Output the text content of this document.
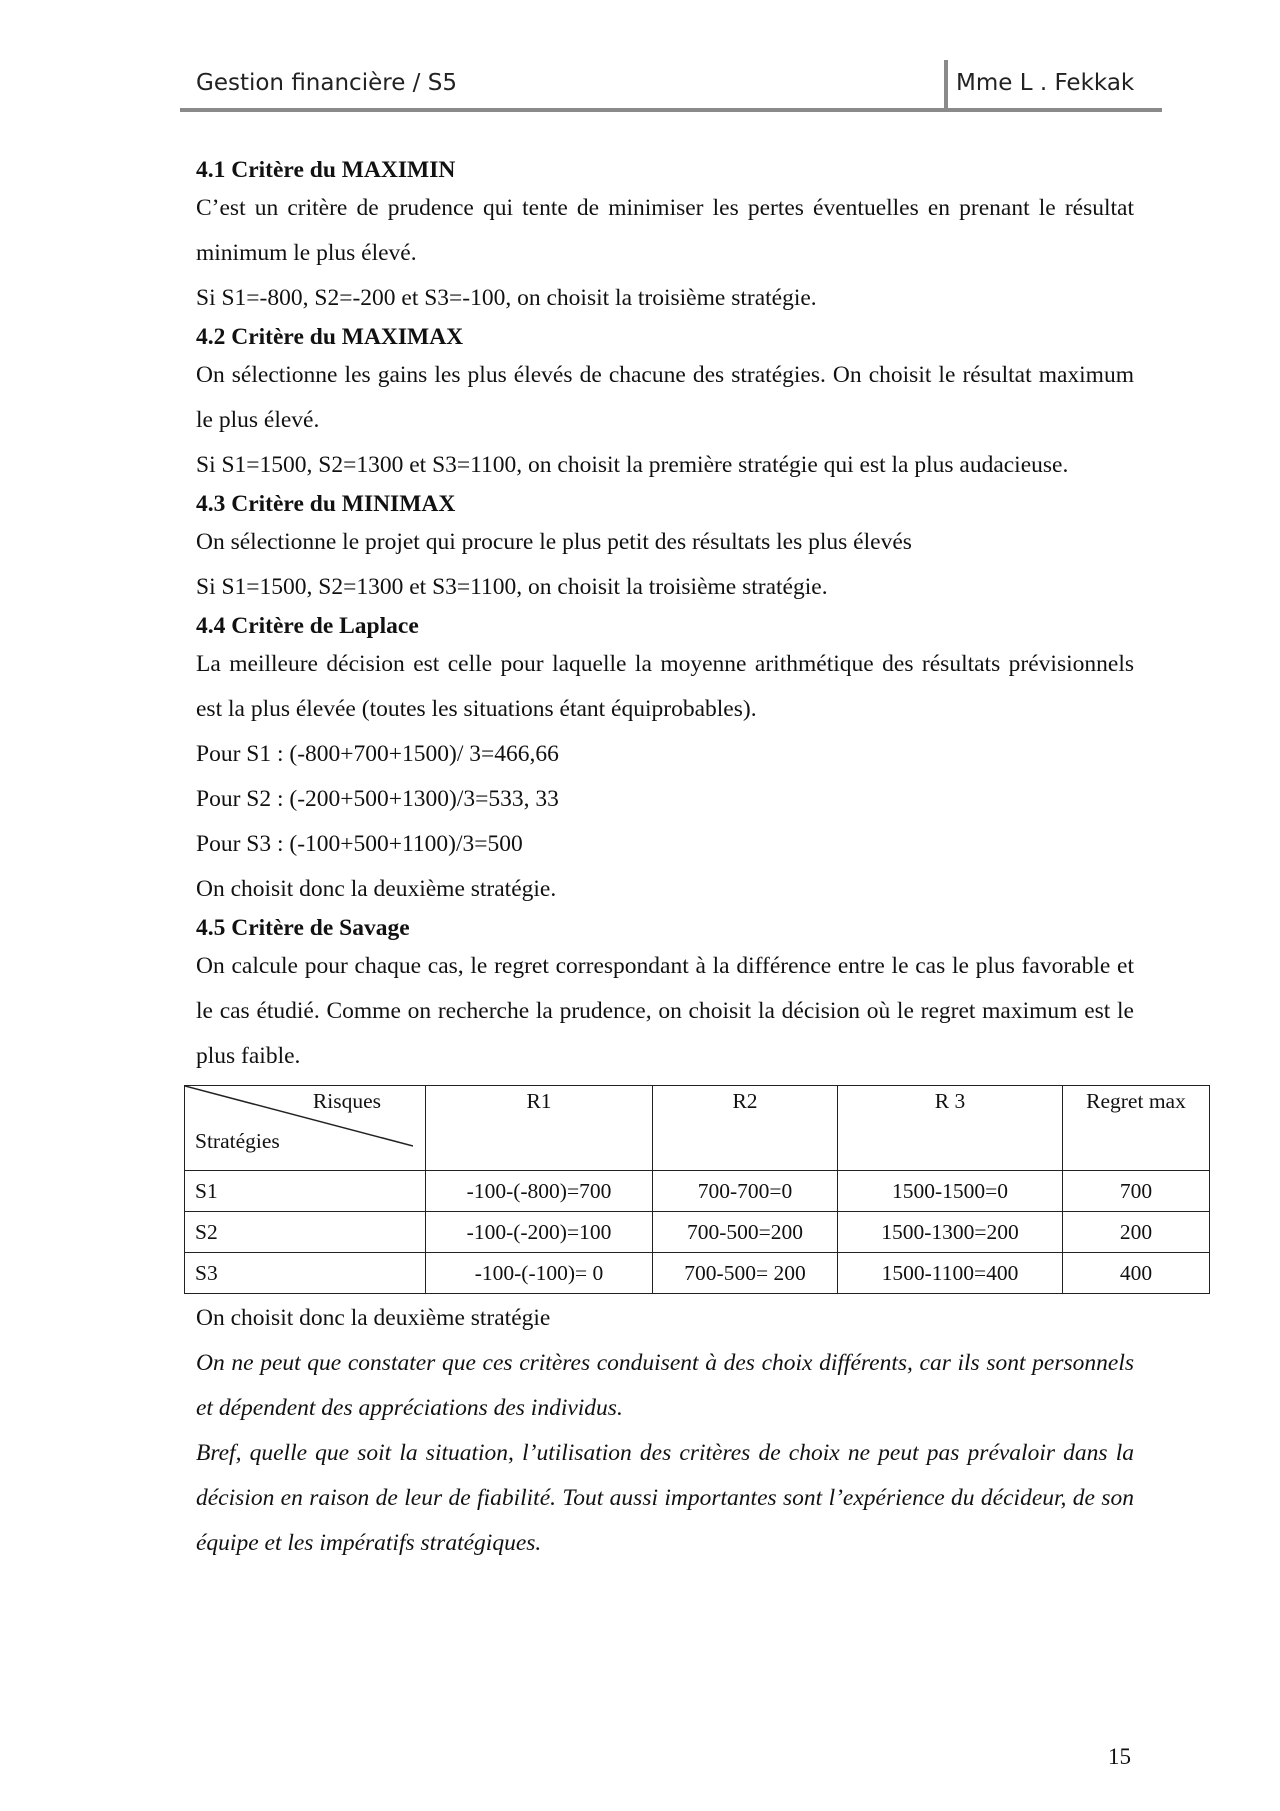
Gestion financière / S5	Mme L . Fekkak

4.1 Critère du MAXIMIN

C’est un critère de prudence qui tente de minimiser les pertes éventuelles en prenant le résultat minimum le plus élevé.

Si S1=-800, S2=-200 et S3=-100, on choisit la troisième stratégie.

4.2 Critère du MAXIMAX

On sélectionne les gains les plus élevés de chacune des stratégies. On choisit le résultat maximum le plus élevé.

Si S1=1500, S2=1300 et S3=1100, on choisit la première stratégie qui est la plus audacieuse.

4.3 Critère du MINIMAX

On sélectionne le projet qui procure le plus petit des résultats les plus élevés

Si S1=1500, S2=1300 et S3=1100, on choisit la troisième stratégie.

4.4 Critère de Laplace

La meilleure décision est celle pour laquelle la moyenne arithmétique des résultats prévisionnels est la plus élevée (toutes les situations étant équiprobables).

Pour S1 : (-800+700+1500)/ 3=466,66

Pour S2 : (-200+500+1300)/3=533, 33

Pour S3 : (-100+500+1100)/3=500

On choisit donc la deuxième stratégie.

4.5 Critère de Savage

On calcule pour chaque cas, le regret correspondant à la différence entre le cas le plus favorable et le cas étudié. Comme on recherche la prudence, on choisit la décision où le regret maximum est le plus faible.

Risques
Stratégies	R1	R2	R 3	Regret max
S1	-100-(-800)=700	700-700=0	1500-1500=0	700
S2	-100-(-200)=100	700-500=200	1500-1300=200	200
S3	-100-(-100)= 0	700-500= 200	1500-1100=400	400

On choisit donc la deuxième stratégie

On ne peut que constater que ces critères conduisent à des choix différents, car ils sont personnels et dépendent des appréciations des individus.

Bref, quelle que soit la situation, l’utilisation des critères de choix ne peut pas prévaloir dans la décision en raison de leur de fiabilité. Tout aussi importantes sont l’expérience du décideur, de son équipe et les impératifs stratégiques.

15
